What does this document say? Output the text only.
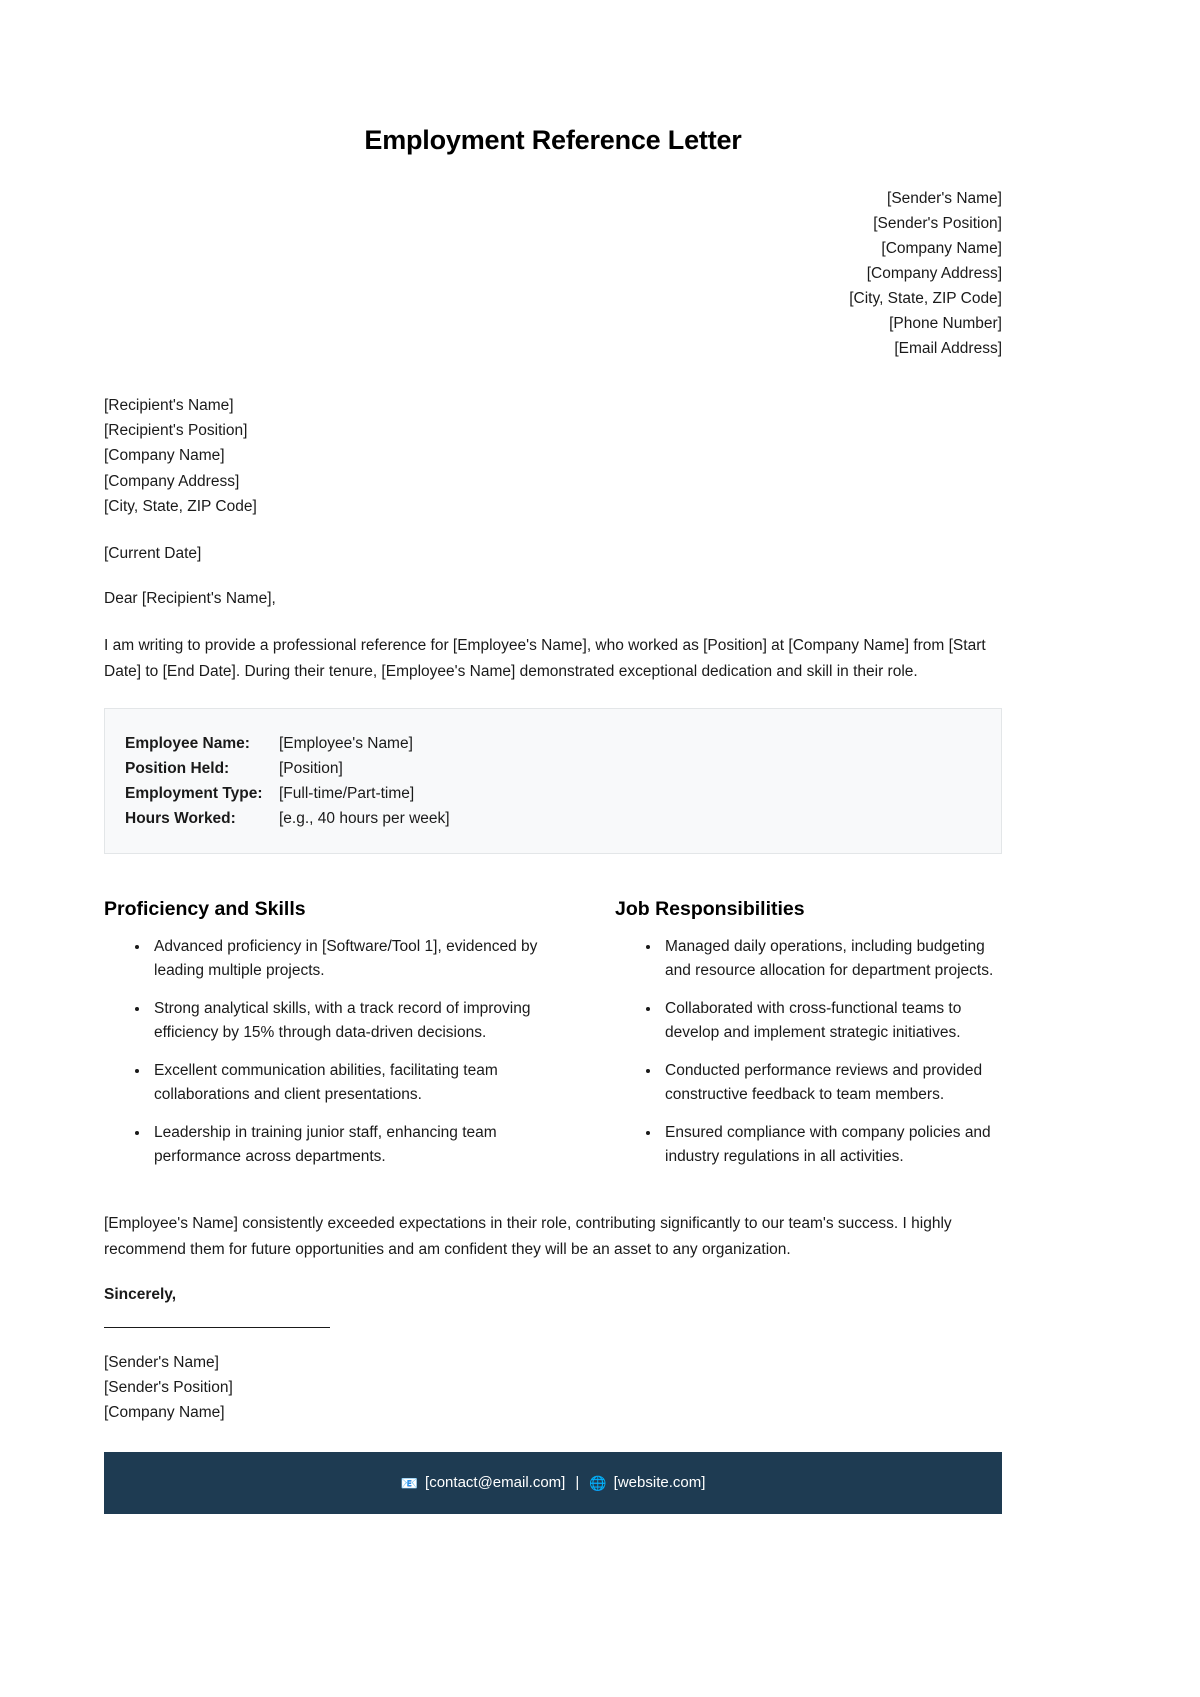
Employment Reference Letter
[Sender's Name]
[Sender's Position]
[Company Name]
[Company Address]
[City, State, ZIP Code]
[Phone Number]
[Email Address]
[Recipient's Name]
[Recipient's Position]
[Company Name]
[Company Address]
[City, State, ZIP Code]
[Current Date]
Dear [Recipient's Name],
I am writing to provide a professional reference for [Employee's Name], who worked as [Position] at [Company Name] from [Start Date] to [End Date]. During their tenure, [Employee's Name] demonstrated exceptional dedication and skill in their role.
Employee Name:	[Employee's Name]
Position Held:	[Position]
Employment Type:	[Full-time/Part-time]
Hours Worked:	[e.g., 40 hours per week]
Proficiency and Skills
• Advanced proficiency in [Software/Tool 1], evidenced by leading multiple projects.
• Strong analytical skills, with a track record of improving efficiency by 15% through data-driven decisions.
• Excellent communication abilities, facilitating team collaborations and client presentations.
• Leadership in training junior staff, enhancing team performance across departments.
Job Responsibilities
• Managed daily operations, including budgeting and resource allocation for department projects.
• Collaborated with cross-functional teams to develop and implement strategic initiatives.
• Conducted performance reviews and provided constructive feedback to team members.
• Ensured compliance with company policies and industry regulations in all activities.
[Employee's Name] consistently exceeded expectations in their role, contributing significantly to our team's success. I highly recommend them for future opportunities and am confident they will be an asset to any organization.
Sincerely,
[Sender's Name]
[Sender's Position]
[Company Name]
📧 [contact@email.com] | 🌐 [website.com]
